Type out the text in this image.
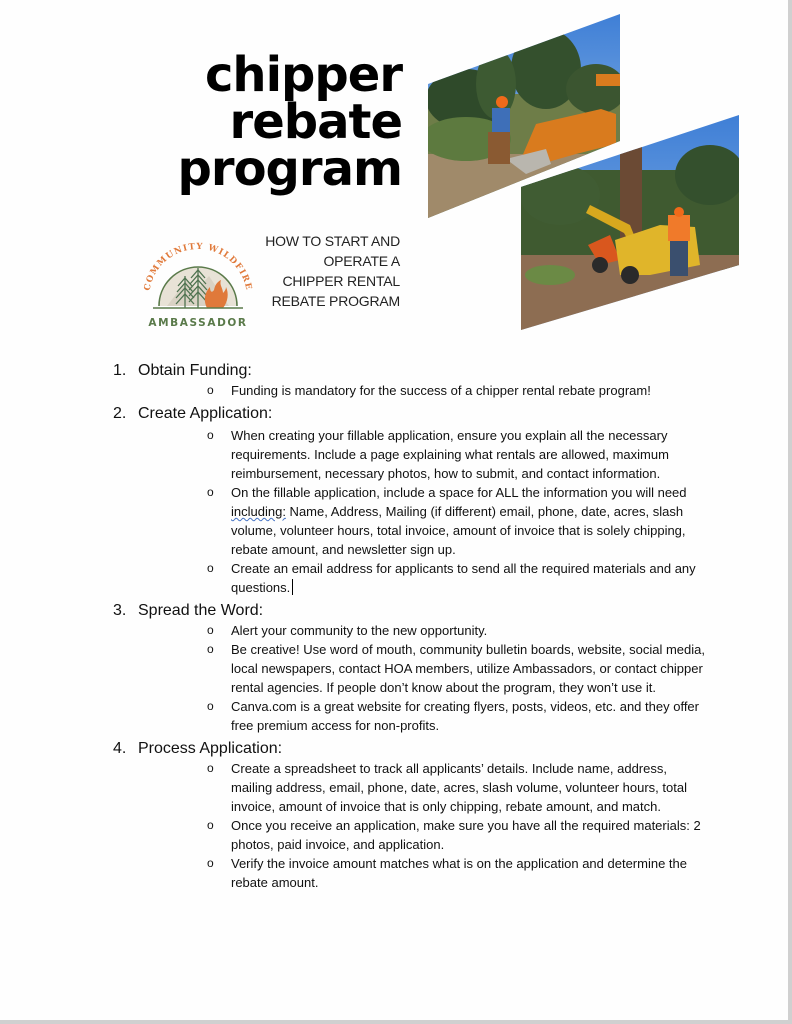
chipper
rebate
program
COMMUNITY WILDFIRE
AMBASSADOR
HOW TO START AND
OPERATE A
CHIPPER RENTAL
REBATE PROGRAM
1. Obtain Funding:
o Funding is mandatory for the success of a chipper rental rebate program!
2. Create Application:
o When creating your fillable application, ensure you explain all the necessary requirements. Include a page explaining what rentals are allowed, maximum reimbursement, necessary photos, how to submit, and contact information.
o On the fillable application, include a space for ALL the information you will need including: Name, Address, Mailing (if different) email, phone, date, acres, slash volume, volunteer hours, total invoice, amount of invoice that is solely chipping, rebate amount, and newsletter sign up.
o Create an email address for applicants to send all the required materials and any questions.
3. Spread the Word:
o Alert your community to the new opportunity.
o Be creative! Use word of mouth, community bulletin boards, website, social media, local newspapers, contact HOA members, utilize Ambassadors, or contact chipper rental agencies. If people don’t know about the program, they won’t use it.
o Canva.com is a great website for creating flyers, posts, videos, etc. and they offer free premium access for non-profits.
4. Process Application:
o Create a spreadsheet to track all applicants’ details. Include name, address, mailing address, email, phone, date, acres, slash volume, volunteer hours, total invoice, amount of invoice that is only chipping, rebate amount, and match.
o Once you receive an application, make sure you have all the required materials: 2 photos, paid invoice, and application.
o Verify the invoice amount matches what is on the application and determine the rebate amount.
